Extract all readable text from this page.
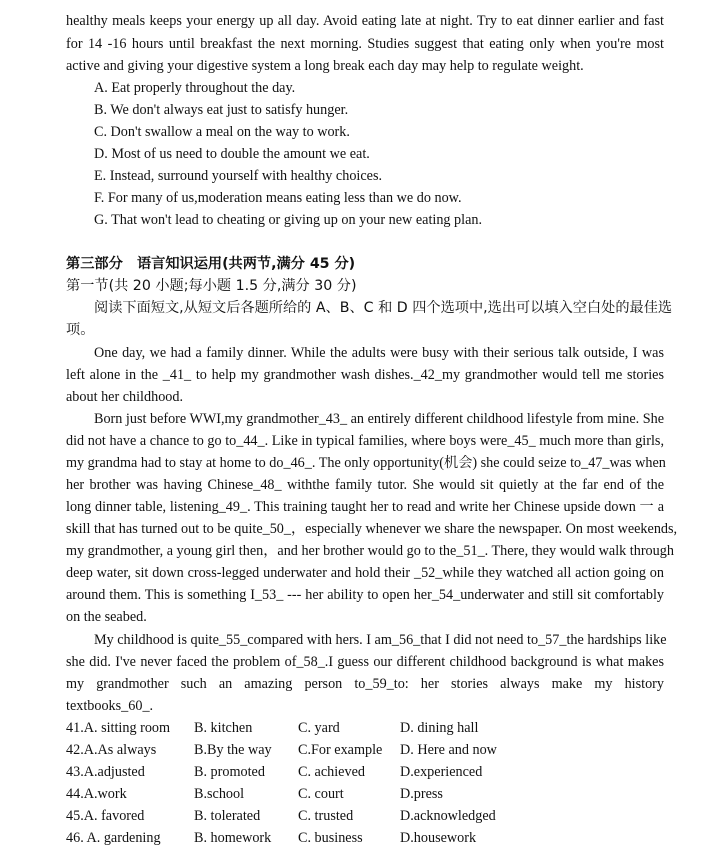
healthy meals keeps your energy up all day. Avoid eating late at night. Try to eat dinner earlier and fast
for 14 -16 hours until breakfast the next morning. Studies suggest that eating only when you're most
active and giving your digestive system a long break each day may help to regulate weight.
A. Eat properly throughout the day.
B. We don't always eat just to satisfy hunger.
C. Don't swallow a meal on the way to work.
D. Most of us need to double the amount we eat.
E. Instead, surround yourself with healthy choices.
F. For many of us,moderation means eating less than we do now.
G. That won't lead to cheating or giving up on your new eating plan.
第三部分　语言知识运用(共两节,满分 45 分)
第一节(共 20 小题;每小题 1.5 分,满分 30 分)
阅读下面短文,从短文后各题所给的 A、B、C 和 D 四个选项中,选出可以填入空白处的最佳选
项。
One day, we had a family dinner. While the adults were busy with their serious talk outside, I was
left alone in the _41_ to help my grandmother wash dishes._42_my grandmother would tell me stories
about her childhood.
Born just before WWI,my grandmother_43_ an entirely different childhood lifestyle from mine. She
did not have a chance to go to_44_. Like in typical families, where boys were_45_ much more than girls,
my grandma had to stay at home to do_46_. The only opportunity(机会) she could seize to_47_was when
her brother was having Chinese_48_ withthe family tutor. She would sit quietly at the far end of the
long dinner table, listening_49_. This training taught her to read and write her Chinese upside down 一 a
skill that has turned out to be quite_50_，especially whenever we share the newspaper. On most weekends,
my grandmother, a young girl then，and her brother would go to the_51_. There, they would walk through
deep water, sit down cross-legged underwater and hold their _52_while they watched all action going on
around them. This is something I_53_ --- her ability to open her_54_underwater and still sit comfortably
on the seabed.
My childhood is quite_55_compared with hers. I am_56_that I did not need to_57_the hardships like
she did. I've never faced the problem of_58_.I guess our different childhood background is what makes
my grandmother such an amazing person to_59_to: her stories always make my history
textbooks_60_.
41.A. sitting room B. kitchen	C. yard	D. dining hall
42.A.As always	B.By the way C.For example D. Here and now
43.A.adjusted	B. promoted C. achieved D.experienced
44.A.work	B.school	C. court	D.press
45.A. favored	B. tolerated	C. trusted	D.acknowledged
46. A. gardening B. homework C. business	D.housework
